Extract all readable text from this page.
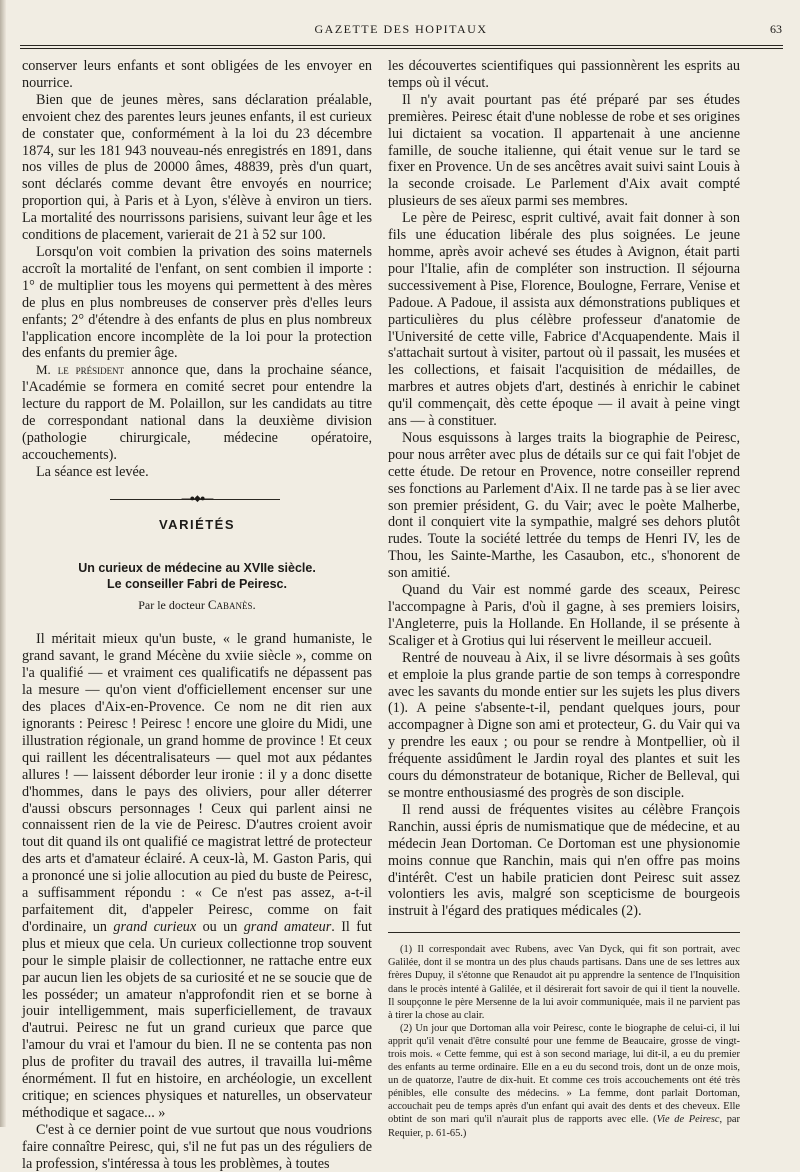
GAZETTE DES HOPITAUX	63

conserver leurs enfants et sont obligées de les envoyer en nourrice.

Bien que de jeunes mères, sans déclaration préalable, envoient chez des parentes leurs jeunes enfants, il est curieux de constater que, conformément à la loi du 23 décembre 1874, sur les 181 943 nouveau-nés enregistrés en 1891, dans nos villes de plus de 20000 âmes, 48839, près d'un quart, sont déclarés comme devant être envoyés en nourrice; proportion qui, à Paris et à Lyon, s'élève à environ un tiers. La mortalité des nourrissons parisiens, suivant leur âge et les conditions de placement, varierait de 21 à 52 sur 100.

Lorsqu'on voit combien la privation des soins maternels accroît la mortalité de l'enfant, on sent combien il importe : 1° de multiplier tous les moyens qui permettent à des mères de plus en plus nombreuses de conserver près d'elles leurs enfants; 2° d'étendre à des enfants de plus en plus nombreux l'application encore incomplète de la loi pour la protection des enfants du premier âge.

M. le président annonce que, dans la prochaine séance, l'Académie se formera en comité secret pour entendre la lecture du rapport de M. Polaillon, sur les candidats au titre de correspondant national dans la deuxième division (pathologie chirurgicale, médecine opératoire, accouchements).

La séance est levée.

—●◆●—
VARIÉTÉS
Un curieux de médecine au XVIIe siècle.
Le conseiller Fabri de Peiresc.
Par le docteur Cabanès.

Il méritait mieux qu'un buste, « le grand humaniste, le grand savant, le grand Mécène du xviie siècle », comme on l'a qualifié — et vraiment ces qualificatifs ne dépassent pas la mesure — qu'on vient d'officiellement encenser sur une des places d'Aix-en-Provence. Ce nom ne dit rien aux ignorants : Peiresc ! Peiresc ! encore une gloire du Midi, une illustration régionale, un grand homme de province ! Et ceux qui raillent les décentralisateurs — quel mot aux pédantes allures ! — laissent déborder leur ironie : il y a donc disette d'hommes, dans le pays des oliviers, pour aller déterrer d'aussi obscurs personnages ! Ceux qui parlent ainsi ne connaissent rien de la vie de Peiresc. D'autres croient avoir tout dit quand ils ont qualifié ce magistrat lettré de protecteur des arts et d'amateur éclairé. A ceux-là, M. Gaston Paris, qui a prononcé une si jolie allocution au pied du buste de Peiresc, a suffisamment répondu : « Ce n'est pas assez, a-t-il parfaitement dit, d'appeler Peiresc, comme on fait d'ordinaire, un grand curieux ou un grand amateur. Il fut plus et mieux que cela. Un curieux collectionne trop souvent pour le simple plaisir de collectionner, ne rattache entre eux par aucun lien les objets de sa curiosité et ne se soucie que de les posséder; un amateur n'approfondit rien et se borne à jouir intelligemment, mais superficiellement, de travaux d'autrui. Peiresc ne fut un grand curieux que parce que l'amour du vrai et l'amour du bien. Il ne se contenta pas non plus de profiter du travail des autres, il travailla lui-même énormément. Il fut en histoire, en archéologie, un excellent critique; en sciences physiques et naturelles, un observateur méthodique et sagace... »

C'est à ce dernier point de vue surtout que nous voudrions faire connaître Peiresc, qui, s'il ne fut pas un des réguliers de la profession, s'intéressa à tous les problèmes, à toutes

les découvertes scientifiques qui passionnèrent les esprits au temps où il vécut.

Il n'y avait pourtant pas été préparé par ses études premières. Peiresc était d'une noblesse de robe et ses origines lui dictaient sa vocation. Il appartenait à une ancienne famille, de souche italienne, qui était venue sur le tard se fixer en Provence. Un de ses ancêtres avait suivi saint Louis à la seconde croisade. Le Parlement d'Aix avait compté plusieurs de ses aïeux parmi ses membres.

Le père de Peiresc, esprit cultivé, avait fait donner à son fils une éducation libérale des plus soignées. Le jeune homme, après avoir achevé ses études à Avignon, était parti pour l'Italie, afin de compléter son instruction. Il séjourna successivement à Pise, Florence, Boulogne, Ferrare, Venise et Padoue. A Padoue, il assista aux démonstrations publiques et particulières du plus célèbre professeur d'anatomie de l'Université de cette ville, Fabrice d'Acquapendente. Mais il s'attachait surtout à visiter, partout où il passait, les musées et les collections, et faisait l'acquisition de médailles, de marbres et autres objets d'art, destinés à enrichir le cabinet qu'il commençait, dès cette époque — il avait à peine vingt ans — à constituer.

Nous esquissons à larges traits la biographie de Peiresc, pour nous arrêter avec plus de détails sur ce qui fait l'objet de cette étude. De retour en Provence, notre conseiller reprend ses fonctions au Parlement d'Aix. Il ne tarde pas à se lier avec son premier président, G. du Vair; avec le poète Malherbe, dont il conquiert vite la sympathie, malgré ses dehors plutôt rudes. Toute la société lettrée du temps de Henri IV, les de Thou, les Sainte-Marthe, les Casaubon, etc., s'honorent de son amitié.

Quand du Vair est nommé garde des sceaux, Peiresc l'accompagne à Paris, d'où il gagne, à ses premiers loisirs, l'Angleterre, puis la Hollande. En Hollande, il se présente à Scaliger et à Grotius qui lui réservent le meilleur accueil.

Rentré de nouveau à Aix, il se livre désormais à ses goûts et emploie la plus grande partie de son temps à correspondre avec les savants du monde entier sur les sujets les plus divers (1). A peine s'absente-t-il, pendant quelques jours, pour accompagner à Digne son ami et protecteur, G. du Vair qui va y prendre les eaux ; ou pour se rendre à Montpellier, où il fréquente assidûment le Jardin royal des plantes et suit les cours du démonstrateur de botanique, Richer de Belleval, qui se montre enthousiasmé des progrès de son disciple.

Il rend aussi de fréquentes visites au célèbre François Ranchin, aussi épris de numismatique que de médecine, et au médecin Jean Dortoman. Ce Dortoman est une physionomie moins connue que Ranchin, mais qui n'en offre pas moins d'intérêt. C'est un habile praticien dont Peiresc suit assez volontiers les avis, malgré son scepticisme de bourgeois instruit à l'égard des pratiques médicales (2).

(1) Il correspondait avec Rubens, avec Van Dyck, qui fit son portrait, avec Galilée, dont il se montra un des plus chauds partisans. Dans une de ses lettres aux frères Dupuy, il s'étonne que Renaudot ait pu apprendre la sentence de l'Inquisition dans le procès intenté à Galilée, et il désirerait fort savoir de qui il tient la nouvelle. Il soupçonne le père Mersenne de la lui avoir communiquée, mais il ne parvient pas à tirer la chose au clair.

(2) Un jour que Dortoman alla voir Peiresc, conte le biographe de celui-ci, il lui apprit qu'il venait d'être consulté pour une femme de Beaucaire, grosse de vingt-trois mois. « Cette femme, qui est à son second mariage, lui dit-il, a eu du premier des enfants au terme ordinaire. Elle en a eu du second trois, dont un de onze mois, un de quatorze, l'autre de dix-huit. Et comme ces trois accouchements ont été très pénibles, elle consulte des médecins. » La femme, dont parlait Dortoman, accouchait peu de temps après d'un enfant qui avait des dents et des cheveux. Elle obtint de son mari qu'il n'aurait plus de rapports avec elle. (Vie de Peiresc, par Requier, p. 61-65.)
